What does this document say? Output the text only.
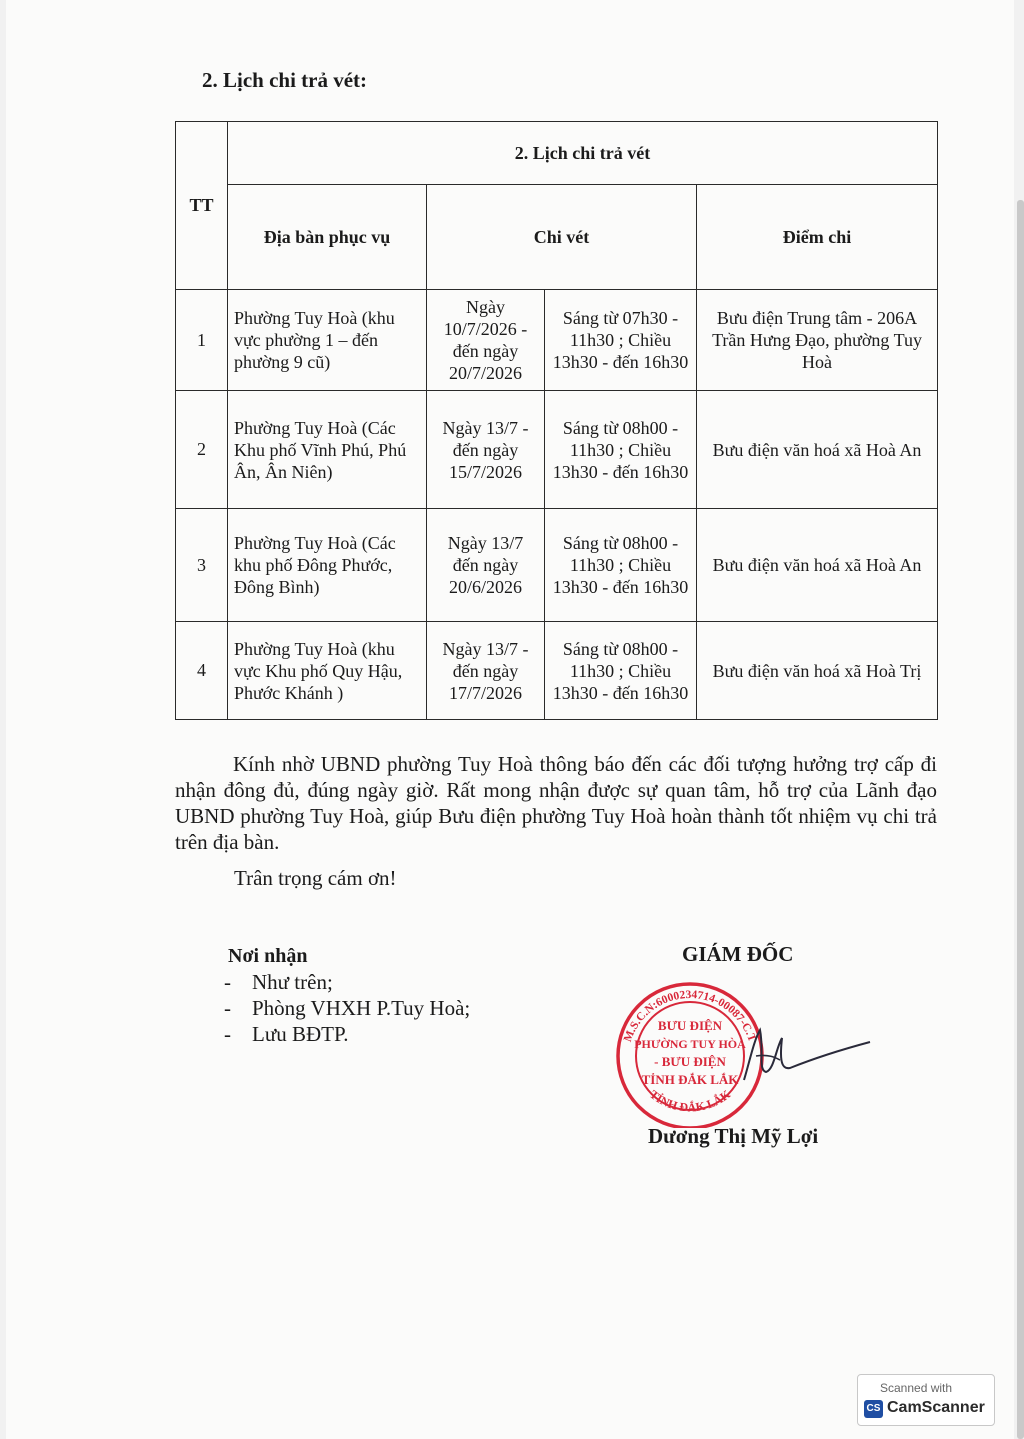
2. Lịch chi trả vét:
TT	2. Lịch chi trả vét			
	Địa bàn phục vụ	Chi vét		Điểm chi
1	Phường Tuy Hoà (khu vực phường 1 – đến phường 9 cũ)	Ngày 10/7/2026 - đến ngày 20/7/2026	Sáng từ 07h30 - 11h30 ; Chiều 13h30 - đến 16h30	Bưu điện Trung tâm - 206A Trần Hưng Đạo, phường Tuy Hoà
2	Phường Tuy Hoà (Các Khu phố Vĩnh Phú, Phú Ân, Ân Niên)	Ngày 13/7 - đến ngày 15/7/2026	Sáng từ 08h00 - 11h30 ; Chiều 13h30 - đến 16h30	Bưu điện văn hoá xã Hoà An
3	Phường Tuy Hoà (Các khu phố Đông Phước, Đông Bình)	Ngày 13/7 đến ngày 20/6/2026	Sáng từ 08h00 - 11h30 ; Chiều 13h30 - đến 16h30	Bưu điện văn hoá xã Hoà An
4	Phường Tuy Hoà (khu vực Khu phố Quy Hậu, Phước Khánh )	Ngày 13/7 - đến ngày 17/7/2026	Sáng từ 08h00 - 11h30 ; Chiều 13h30 - đến 16h30	Bưu điện văn hoá xã Hoà Trị
Kính nhờ UBND phường Tuy Hoà thông báo đến các đối tượng hưởng trợ cấp đi nhận đông đủ, đúng ngày giờ. Rất mong nhận được sự quan tâm, hỗ trợ của Lãnh đạo UBND phường Tuy Hoà, giúp Bưu điện phường Tuy Hoà hoàn thành tốt nhiệm vụ chi trả trên địa bàn.
Trân trọng cám ơn!
Nơi nhận
- Như trên;
- Phòng VHXH P.Tuy Hoà;
- Lưu BĐTP.
GIÁM ĐỐC
M.S.C.N:6000234714-00087-C.T
TỈNH ĐẮK LẮK
BƯU ĐIỆN
PHƯỜNG TUY HÒA
- BƯU ĐIỆN
TỈNH ĐẮK LẮK
Dương Thị Mỹ Lợi
Scanned with
CS CamScanner
